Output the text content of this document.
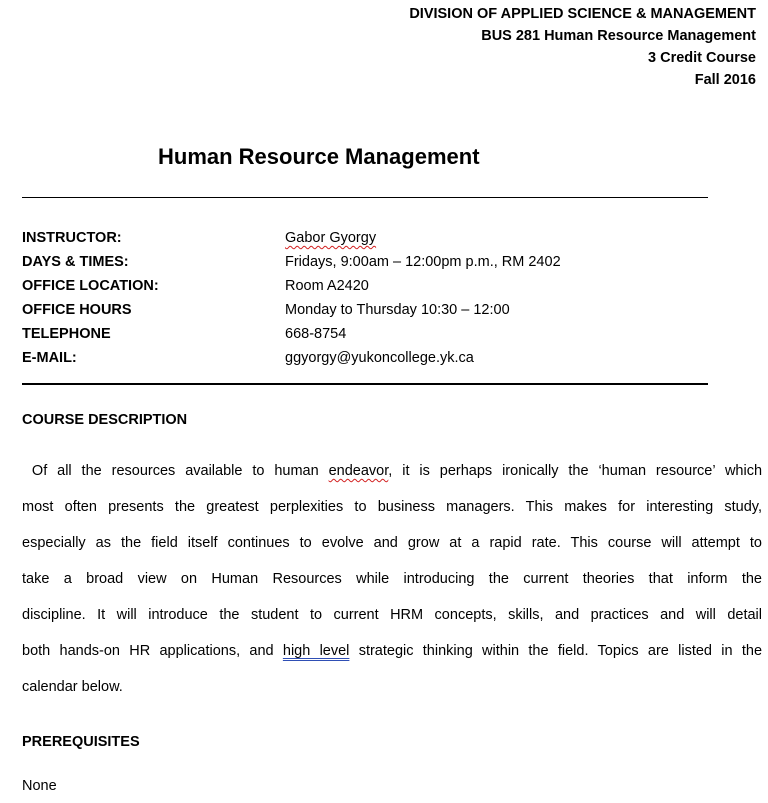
DIVISION OF APPLIED SCIENCE & MANAGEMENT
BUS 281 Human Resource Management
3 Credit Course
Fall 2016
Human Resource Management
INSTRUCTOR:	Gabor Gyorgy
DAYS & TIMES:	Fridays, 9:00am – 12:00pm p.m., RM 2402
OFFICE LOCATION:	Room A2420
OFFICE HOURS	Monday to Thursday 10:30 – 12:00
TELEPHONE	668-8754
E-MAIL:	ggyorgy@yukoncollege.yk.ca
COURSE DESCRIPTION
Of all the resources available to human endeavor, it is perhaps ironically the ‘human resource’ which
most often presents the greatest perplexities to business managers. This makes for interesting study,
especially as the field itself continues to evolve and grow at a rapid rate. This course will attempt to
take a broad view on Human Resources while introducing the current theories that inform the
discipline. It will introduce the student to current HRM concepts, skills, and practices and will detail
both hands-on HR applications, and high level strategic thinking within the field. Topics are listed in the
calendar below.
PREREQUISITES
None
